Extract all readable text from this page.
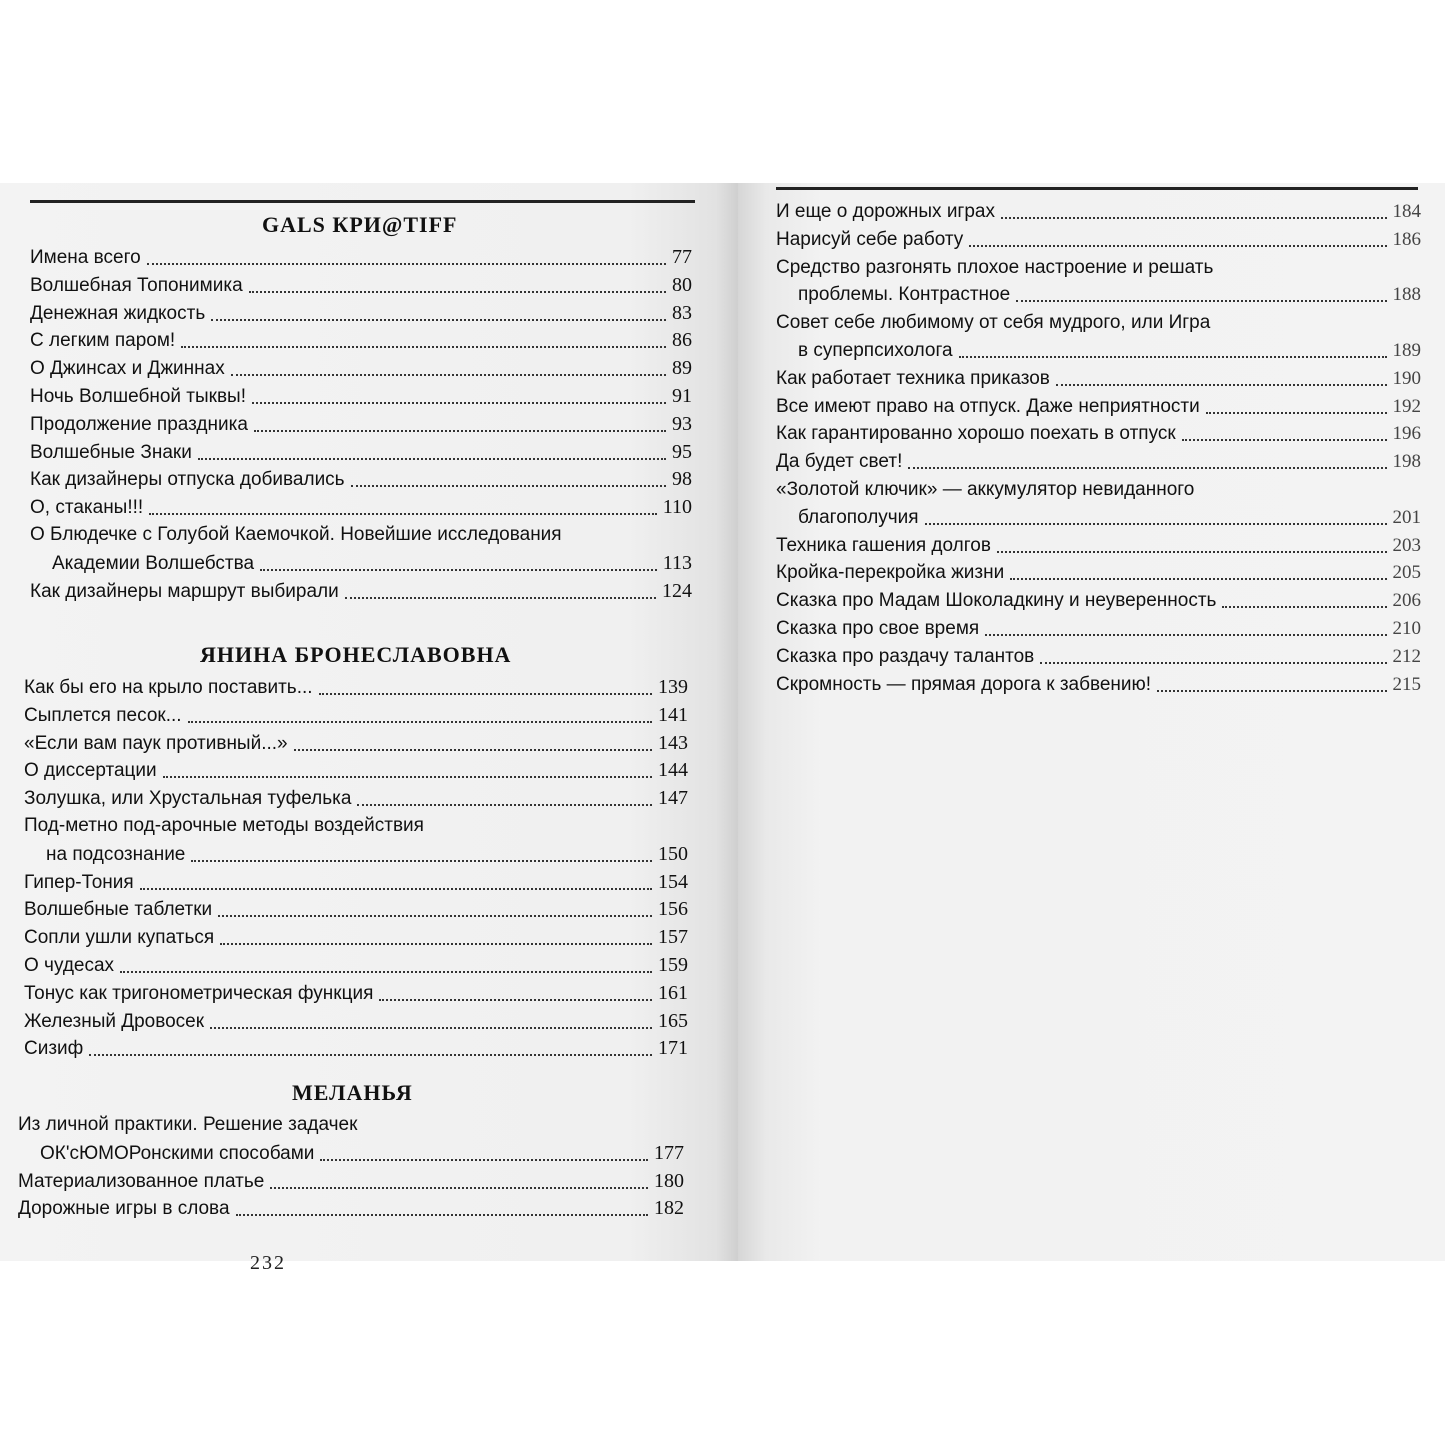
GALS КРИ@TIFF
Имена всего	77
Волшебная Топонимика	80
Денежная жидкость	83
С легким паром!	86
О Джинсах и Джиннах	89
Ночь Волшебной тыквы!	91
Продолжение праздника	93
Волшебные Знаки	95
Как дизайнеры отпуска добивались	98
О, стаканы!!!	110
О Блюдечке с Голубой Каемочкой. Новейшие исследования
Академии Волшебства	113
Как дизайнеры маршрут выбирали	124
ЯНИНА БРОНЕСЛАВОВНА
Как бы его на крыло поставить...	139
Сыплется песок...	141
«Если вам паук противный...»	143
О диссертации	144
Золушка, или Хрустальная туфелька	147
Под-метно под-арочные методы воздействия
на подсознание	150
Гипер-Тония	154
Волшебные таблетки	156
Сопли ушли купаться	157
О чудесах	159
Тонус как тригонометрическая функция	161
Железный Дровосек	165
Сизиф	171
МЕЛАНЬЯ
Из личной практики. Решение задачек
ОК'сЮМОРонскими способами	177
Материализованное платье	180
Дорожные игры в слова	182
И еще о дорожных играх	184
Нарисуй себе работу	186
Средство разгонять плохое настроение и решать
проблемы. Контрастное	188
Совет себе любимому от себя мудрого, или Игра
в суперпсихолога	189
Как работает техника приказов	190
Все имеют право на отпуск. Даже неприятности	192
Как гарантированно хорошо поехать в отпуск	196
Да будет свет!	198
«Золотой ключик» — аккумулятор невиданного
благополучия	201
Техника гашения долгов	203
Кройка-перекройка жизни	205
Сказка про Мадам Шоколадкину и неуверенность	206
Сказка про свое время	210
Сказка про раздачу талантов	212
Скромность — прямая дорога к забвению!	215
232
